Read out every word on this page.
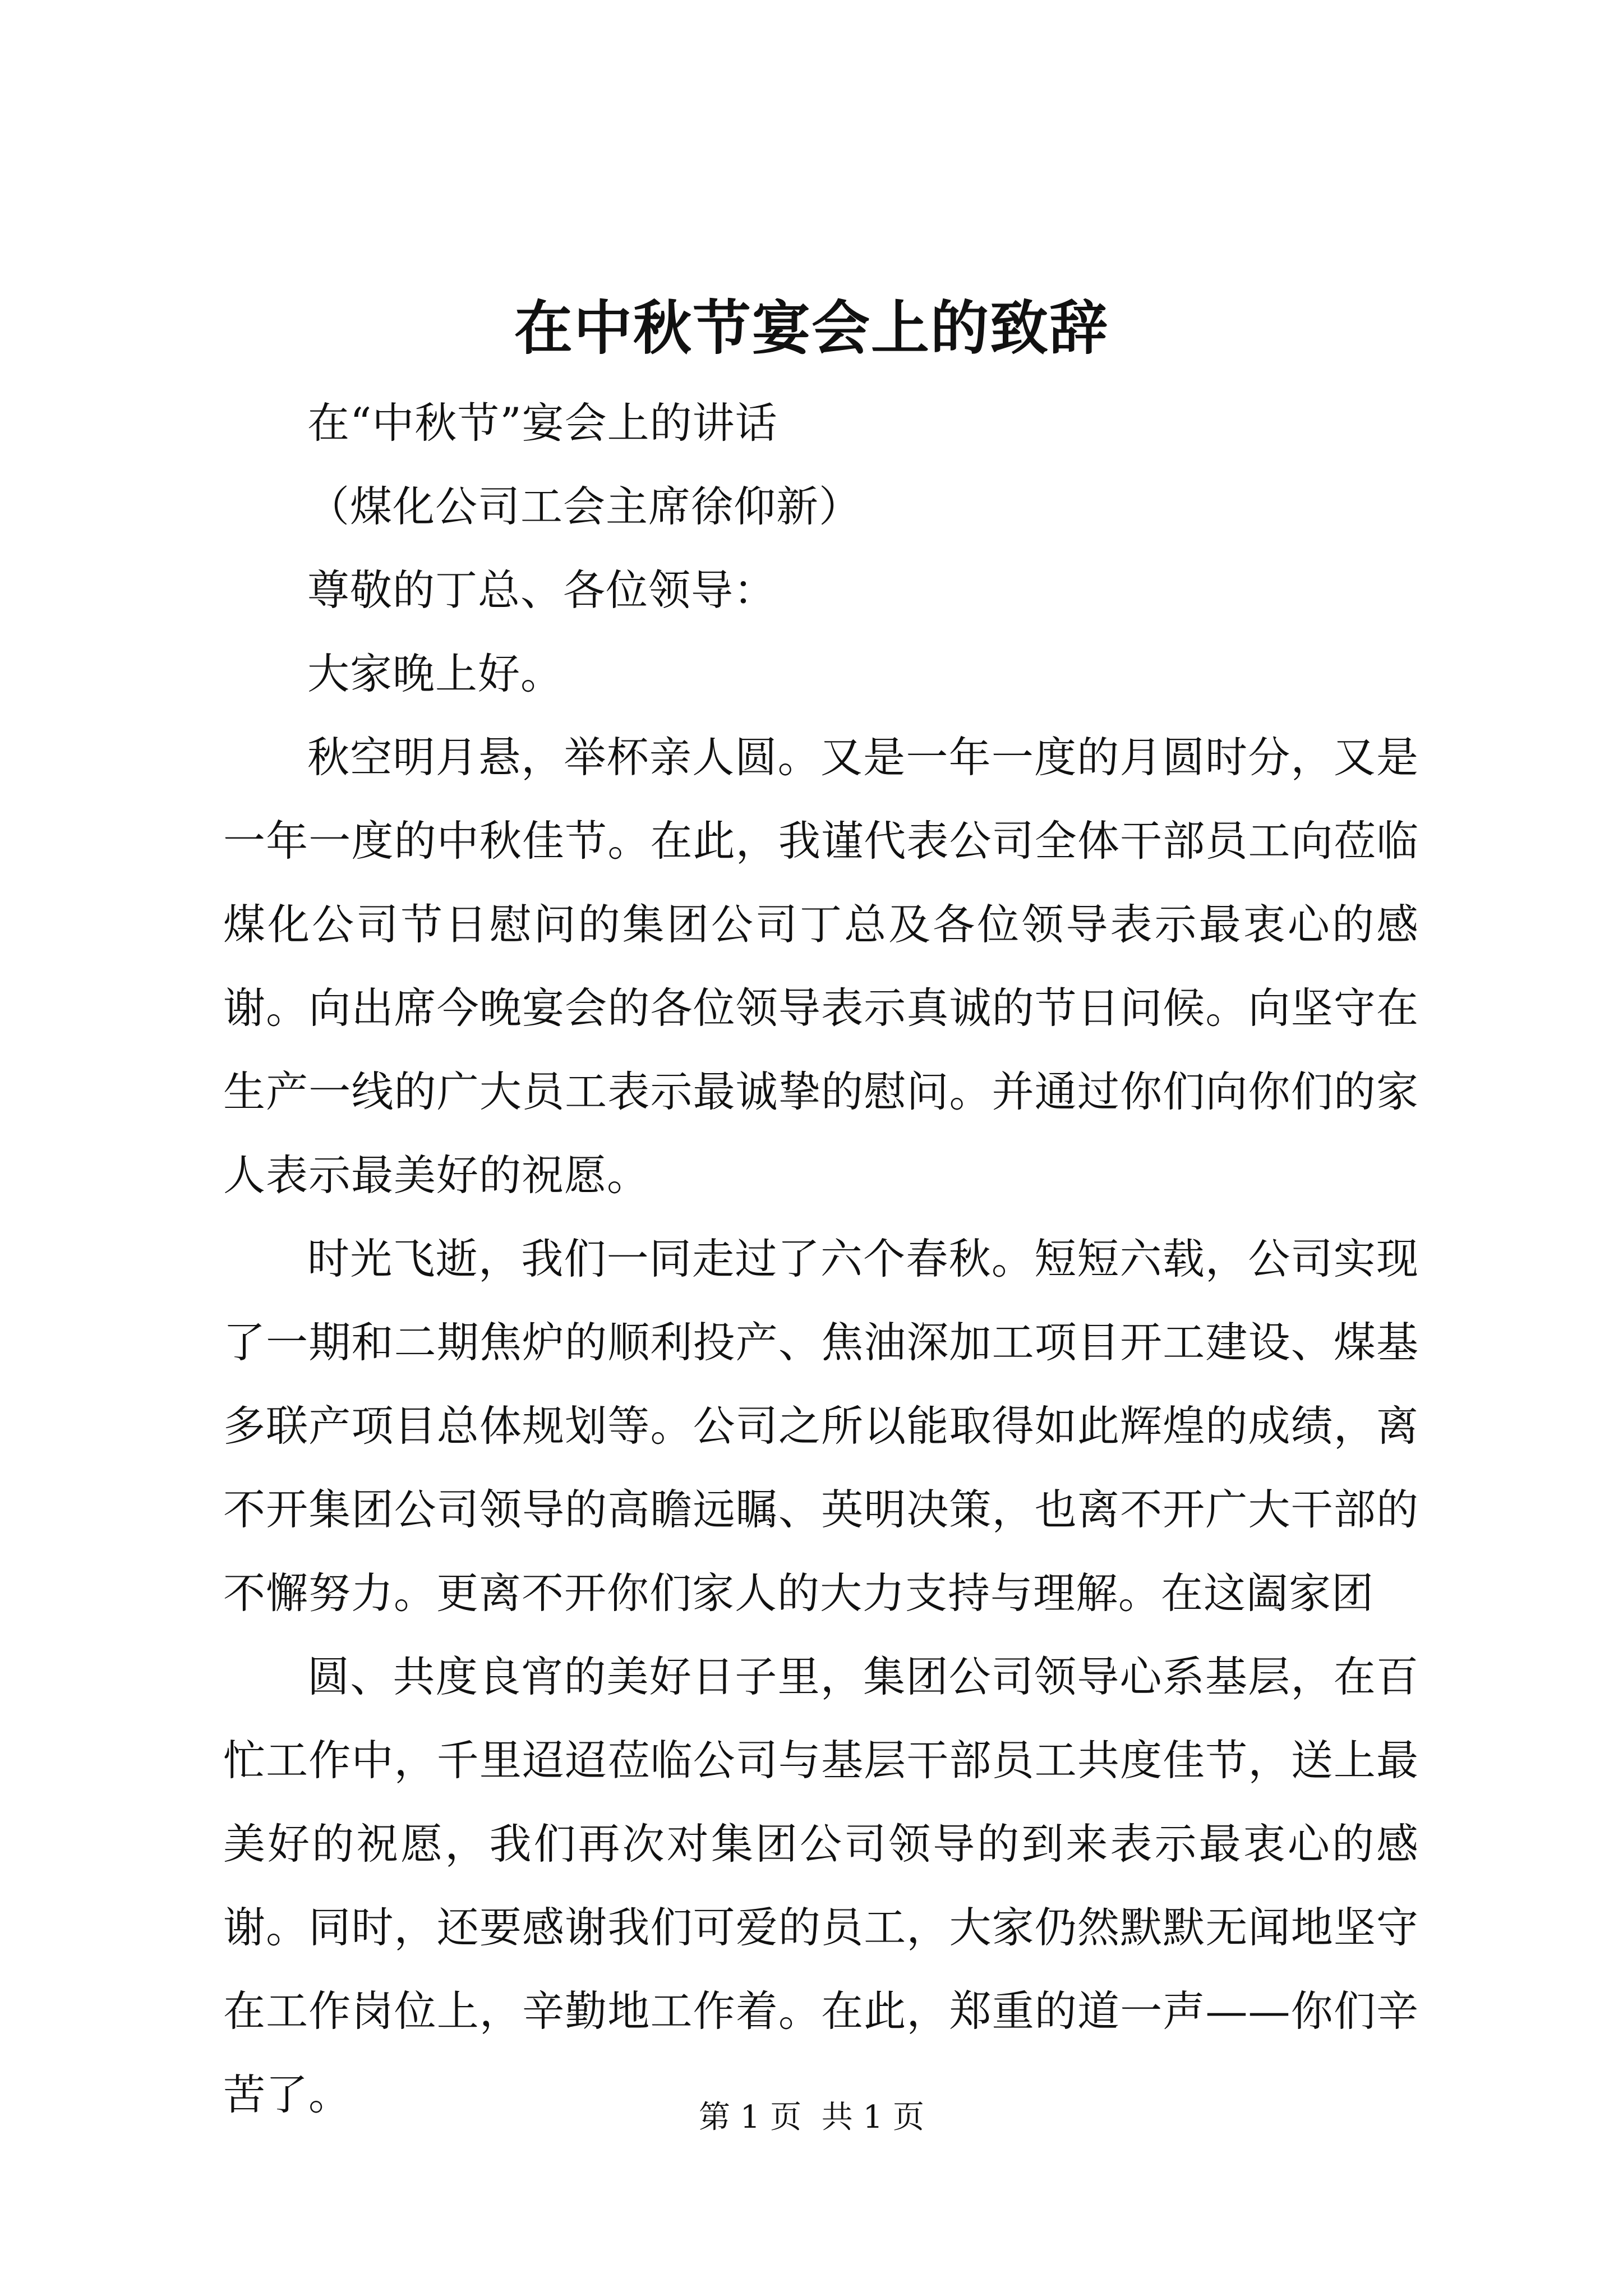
在中秋节宴会上的致辞

在“中秋节”宴会上的讲话

（煤化公司工会主席徐仰新）

尊敬的丁总、各位领导：

大家晚上好。

秋空明月悬，举杯亲人圆。又是一年一度的月圆时分，又是一年一度的中秋佳节。在此，我谨代表公司全体干部员工向莅临煤化公司节日慰问的集团公司丁总及各位领导表示最衷心的感谢。向出席今晚宴会的各位领导表示真诚的节日问候。向坚守在生产一线的广大员工表示最诚挚的慰问。并通过你们向你们的家人表示最美好的祝愿。

时光飞逝，我们一同走过了六个春秋。短短六载，公司实现了一期和二期焦炉的顺利投产、焦油深加工项目开工建设、煤基多联产项目总体规划等。公司之所以能取得如此辉煌的成绩，离不开集团公司领导的高瞻远瞩、英明决策，也离不开广大干部的不懈努力。更离不开你们家人的大力支持与理解。在这阖家团

圆、共度良宵的美好日子里，集团公司领导心系基层，在百忙工作中，千里迢迢莅临公司与基层干部员工共度佳节，送上最美好的祝愿，我们再次对集团公司领导的到来表示最衷心的感谢。同时，还要感谢我们可爱的员工，大家仍然默默无闻地坚守在工作岗位上，辛勤地工作着。在此，郑重的道一声——你们辛苦了。	第 1 页  共 1 页
